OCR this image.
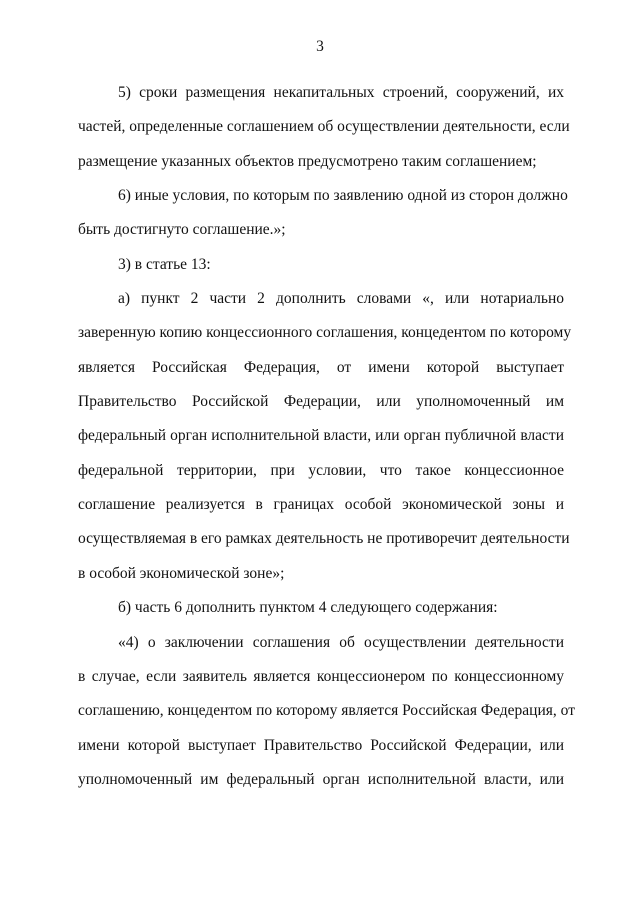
3
5) сроки размещения некапитальных строений, сооружений, их
частей, определенные соглашением об осуществлении деятельности, если
размещение указанных объектов предусмотрено таким соглашением;
6) иные условия, по которым по заявлению одной из сторон должно
быть достигнуто соглашение.»;
3) в статье 13:
а) пункт 2 части 2 дополнить словами «, или нотариально
заверенную копию концессионного соглашения, концедентом по которому
является Российская Федерация, от имени которой выступает
Правительство Российской Федерации, или уполномоченный им
федеральный орган исполнительной власти, или орган публичной власти
федеральной территории, при условии, что такое концессионное
соглашение реализуется в границах особой экономической зоны и
осуществляемая в его рамках деятельность не противоречит деятельности
в особой экономической зоне»;
б) часть 6 дополнить пунктом 4 следующего содержания:
«4) о заключении соглашения об осуществлении деятельности
в случае, если заявитель является концессионером по концессионному
соглашению, концедентом по которому является Российская Федерация, от
имени которой выступает Правительство Российской Федерации, или
уполномоченный им федеральный орган исполнительной власти, или
